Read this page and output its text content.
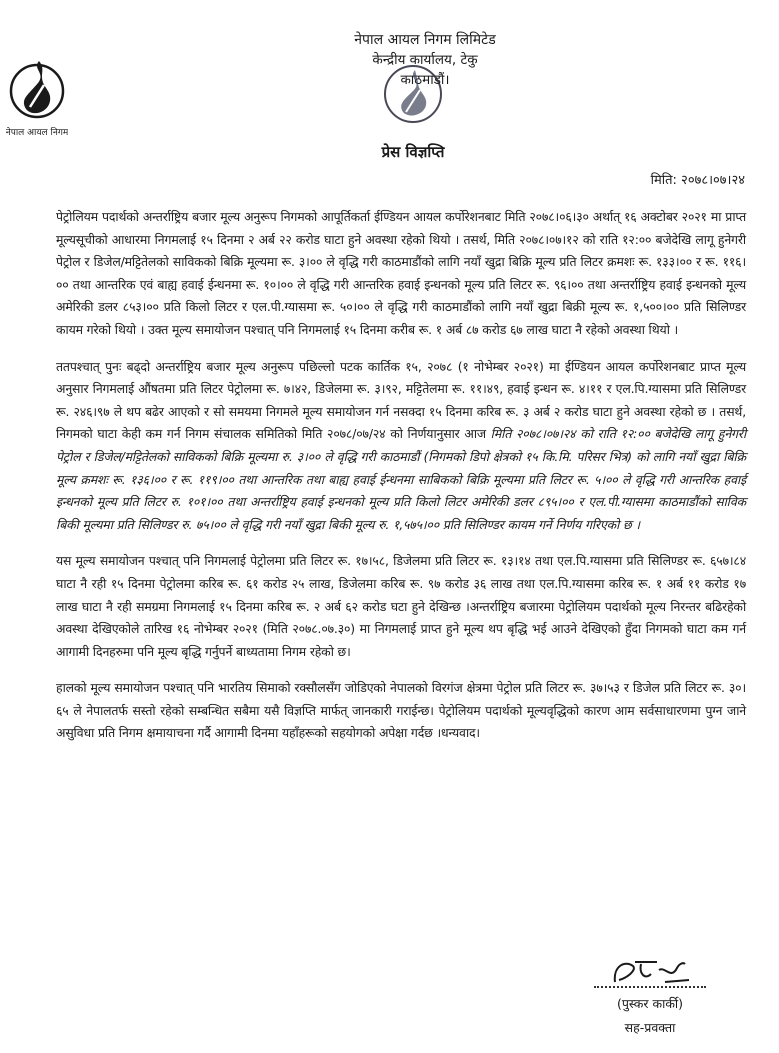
नेपाल आयल निगम
नेपाल आयल निगम लिमिटेड
केन्द्रीय कार्यालय, टेकु
काठमाडौं।
प्रेस विज्ञप्ति
मिति: २०७८।०७।२४

पेट्रोलियम पदार्थको अन्तर्राष्ट्रिय बजार मूल्य अनुरूप निगमको आपूर्तिकर्ता ईण्डियन आयल कर्पोरेशनबाट मिति २०७८।०६।३० अर्थात् १६ अक्टोबर २०२१ मा प्राप्त मूल्यसूचीको आधारमा निगमलाई १५ दिनमा २ अर्ब २२ करोड घाटा हुने अवस्था रहेको थियो । तसर्थ, मिति २०७८।०७।१२ को राति १२:०० बजेदेखि लागू हुनेगरी पेट्रोल र डिजेल/मट्टितेलको साविकको बिक्रि मूल्यमा रू. ३।०० ले वृद्धि गरी काठमाडौंको लागि नयाँ खुद्रा बिक्रि मूल्य प्रति लिटर क्रमशः रू. १३३।०० र रू. ११६।०० तथा आन्तरिक एवं बाह्य हवाई ईन्धनमा रू. १०।०० ले वृद्धि गरी आन्तरिक हवाई इन्धनको मूल्य प्रति लिटर रू. ९६।०० तथा अन्तर्राष्ट्रिय हवाई इन्धनको मूल्य अमेरिकी डलर ८५३।०० प्रति किलो लिटर र एल.पी.ग्यासमा रू. ५०।०० ले वृद्धि गरी काठमाडौंको लागि नयाँ खुद्रा बिक्री मूल्य रू. १,५००।०० प्रति सिलिण्डर कायम गरेको थियो । उक्त मूल्य समायोजन पश्चात् पनि निगमलाई १५ दिनमा करीब रू. १ अर्ब ८७ करोड ६७ लाख घाटा नै रहेको अवस्था थियो ।

ततपश्चात् पुनः बढ्दो अन्तर्राष्ट्रिय बजार मूल्य अनुरूप पछिल्लो पटक कार्तिक १५, २०७८ (१ नोभेम्बर २०२१) मा ईण्डियन आयल कर्पोरेशनबाट प्राप्त मूल्य अनुसार निगमलाई औंषतमा प्रति लिटर पेट्रोलमा रू. ७।४२, डिजेलमा रू. ३।९२, मट्टितेलमा रू. ११।४९, हवाई इन्धन रू. ४।११ र एल.पि.ग्यासमा प्रति सिलिण्डर रू. २४६।९७ ले थप बढेर आएको र सो समयमा निगमले मूल्य समायोजन गर्न नसक्दा १५ दिनमा करिब रू. ३ अर्ब २ करोड घाटा हुने अवस्था रहेको छ । तसर्थ, निगमको घाटा केही कम गर्न निगम संचालक समितिको मिति २०७८/०७/२४ को निर्णयानुसार आज मिति २०७८।०७।२४ को राति १२:०० बजेदेखि लागू हुनेगरी पेट्रोल र डिजेल/मट्टितेलको साविकको बिक्रि मूल्यमा रु. ३।०० ले वृद्धि गरी काठमाडौं (निगमको डिपो क्षेत्रको १५ कि.मि. परिसर भित्र) को लागि नयाँ खुद्रा बिक्रि मूल्य क्रमशः रू. १३६।०० र रू. ११९।०० तथा आन्तरिक तथा बाह्य हवाई ईन्धनमा साबिकको बिक्रि मूल्यमा प्रति लिटर रू. ५।०० ले वृद्धि गरी आन्तरिक हवाई इन्धनको मूल्य प्रति लिटर रु. १०१।०० तथा अन्तर्राष्ट्रिय हवाई इन्धनको मूल्य प्रति किलो लिटर अमेरिकी डलर ८९५।०० र एल.पी.ग्यासमा काठमाडौंको साविक बिकी मूल्यमा प्रति सिलिण्डर रु. ७५।०० ले वृद्धि गरी नयाँ खुद्रा बिकी मूल्य रु. १,५७५।०० प्रति सिलिण्डर कायम गर्ने निर्णय गरिएको छ ।

यस मूल्य समायोजन पश्चात् पनि निगमलाई पेट्रोलमा प्रति लिटर रू. १७।५८, डिजेलमा प्रति लिटर रू. १३।१४ तथा एल.पि.ग्यासमा प्रति सिलिण्डर रू. ६५७।८४ घाटा नै रही १५ दिनमा पेट्रोलमा करिब रू. ६१ करोड २५ लाख, डिजेलमा करिब रू. ९७ करोड ३६ लाख तथा एल.पि.ग्यासमा करिब रू. १ अर्ब ११ करोड १७ लाख घाटा नै रही समग्रमा निगमलाई १५ दिनमा करिब रू. २ अर्ब ६२ करोड घटा हुने देखिन्छ ।अन्तर्राष्ट्रिय बजारमा पेट्रोलियम पदार्थको मूल्य निरन्तर बढिरहेको अवस्था देखिएकोले तारिख १६ नोभेम्बर २०२१ (मिति २०७८.०७.३०) मा निगमलाई प्राप्त हुने मूल्य थप बृद्धि भई आउने देखिएको हुँदा निगमको घाटा कम गर्न आगामी दिनहरुमा पनि मूल्य बृद्धि गर्नुपर्ने बाध्यतामा निगम रहेको छ।

हालको मूल्य समायोजन पश्चात् पनि भारतिय सिमाको रक्सौलसँग जोडिएको नेपालको विरगंज क्षेत्रमा पेट्रोल प्रति लिटर रू. ३७।५३ र डिजेल प्रति लिटर रू. ३०।६५ ले नेपालतर्फ सस्तो रहेको सम्बन्धित सबैमा यसै विज्ञप्ति मार्फत् जानकारी गराईन्छ। पेट्रोलियम पदार्थको मूल्यवृद्धिको कारण आम सर्वसाधारणमा पुग्न जाने असुविधा प्रति निगम क्षमायाचना गर्दै आगामी दिनमा यहाँहरूको सहयोगको अपेक्षा गर्दछ ।धन्यवाद।

(पुस्कर कार्की)
सह-प्रवक्ता
